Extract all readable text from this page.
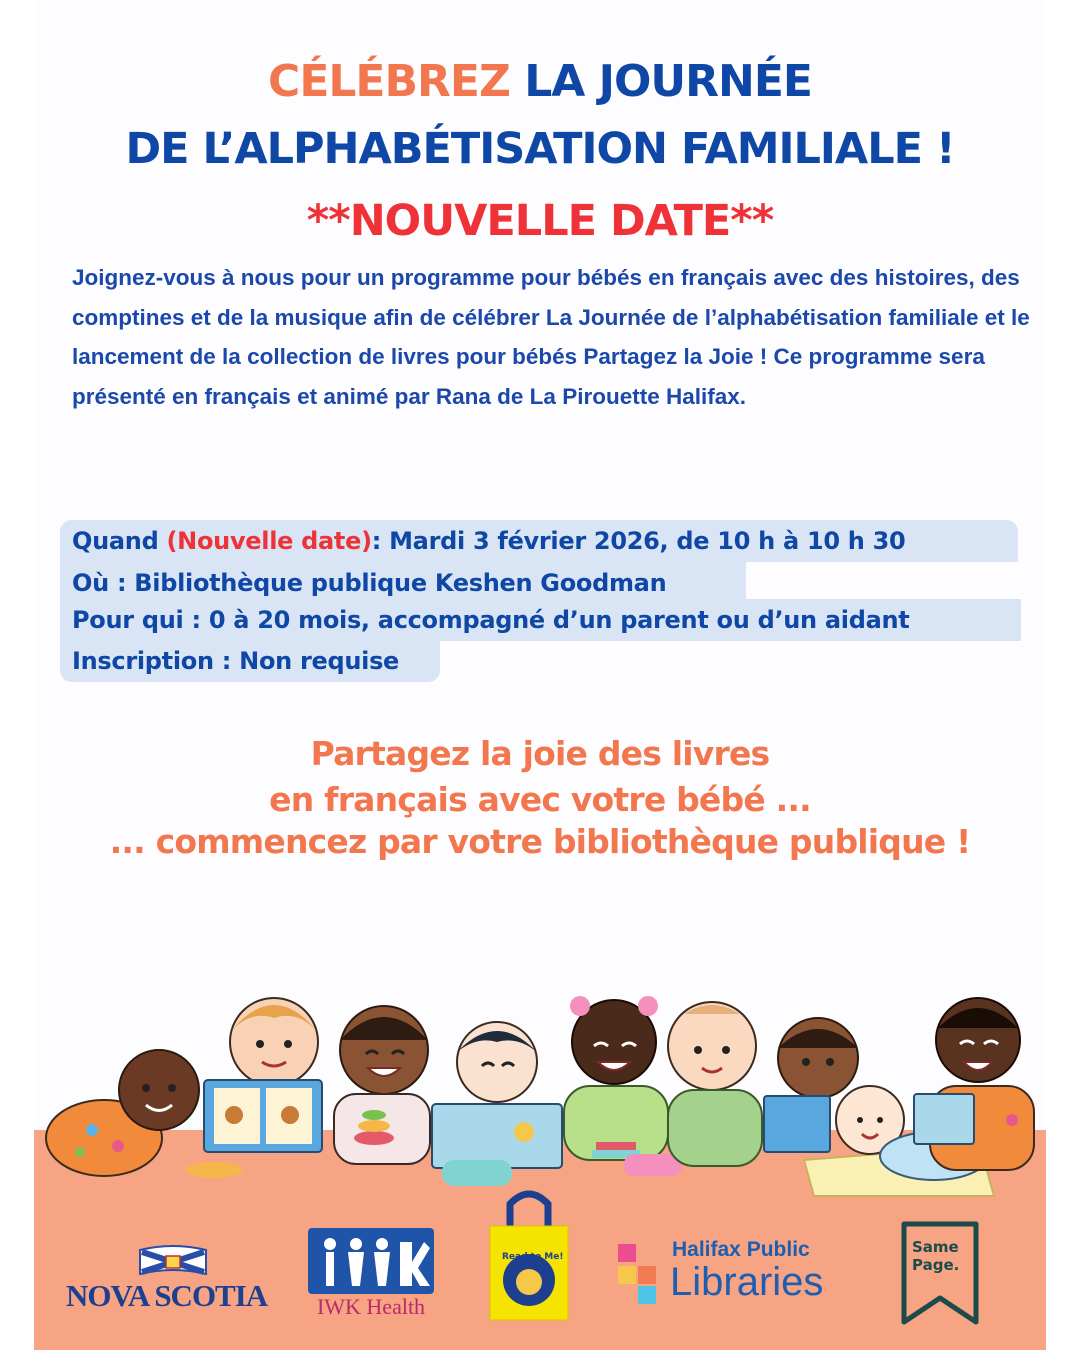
CÉLÉBREZ LA JOURNÉE
DE L’ALPHABÉTISATION FAMILIALE !
**NOUVELLE DATE**
Joignez-vous à nous pour un programme pour bébés en français avec des histoires, des comptines et de la musique afin de célébrer La Journée de l’alphabétisation familiale et le lancement de la collection de livres pour bébés Partagez la Joie ! Ce programme sera présenté en français et animé par Rana de La Pirouette Halifax.
Quand (Nouvelle date): Mardi 3 février 2026, de 10 h à 10 h 30
Où : Bibliothèque publique Keshen Goodman
Pour qui : 0 à 20 mois, accompagné d’un parent ou d’un aidant
Inscription : Non requise
Partagez la joie des livres
en français avec votre bébé ...
... commencez par votre bibliothèque publique !
NOVA SCOTIA	IWK Health
Read to Me!	Halifax Public
Libraries
Same
Page.
